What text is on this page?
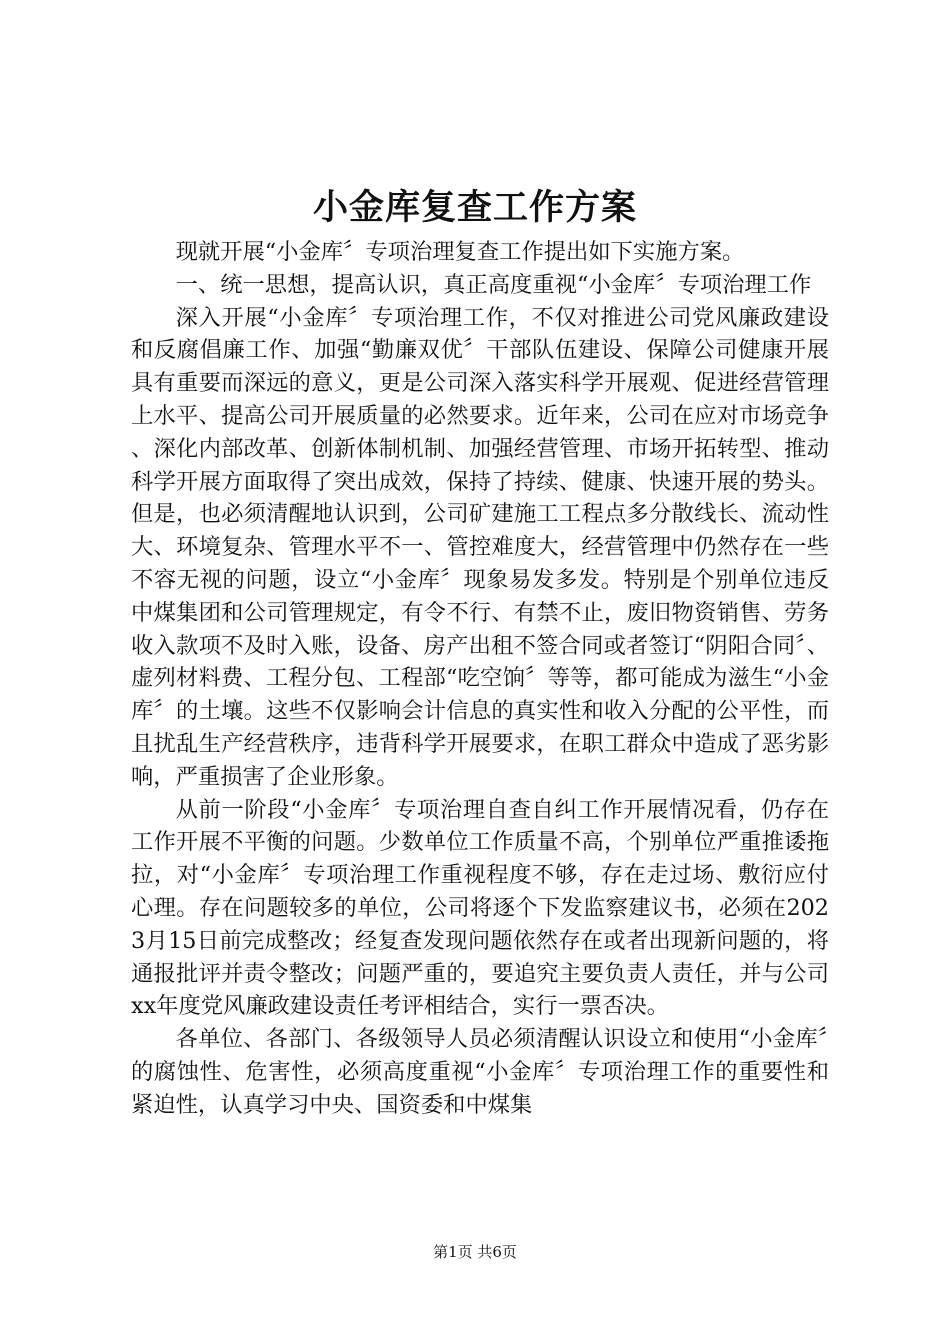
小金库复查工作方案

现就开展“小金库〞专项治理复查工作提出如下实施方案。

一、统一思想，提高认识，真正高度重视“小金库〞专项治理工作

深入开展“小金库〞专项治理工作，不仅对推进公司党风廉政建设和反腐倡廉工作、加强“勤廉双优〞干部队伍建设、保障公司健康开展具有重要而深远的意义，更是公司深入落实科学开展观、促进经营管理上水平、提高公司开展质量的必然要求。近年来，公司在应对市场竞争、深化内部改革、创新体制机制、加强经营管理、市场开拓转型、推动科学开展方面取得了突出成效，保持了持续、健康、快速开展的势头。但是，也必须清醒地认识到，公司矿建施工工程点多分散线长、流动性大、环境复杂、管理水平不一、管控难度大，经营管理中仍然存在一些不容无视的问题，设立“小金库〞现象易发多发。特别是个别单位违反中煤集团和公司管理规定，有令不行、有禁不止，废旧物资销售、劳务收入款项不及时入账，设备、房产出租不签合同或者签订“阴阳合同〞、虚列材料费、工程分包、工程部“吃空饷〞等等，都可能成为滋生“小金库〞的土壤。这些不仅影响会计信息的真实性和收入分配的公平性，而且扰乱生产经营秩序，违背科学开展要求，在职工群众中造成了恶劣影响，严重损害了企业形象。

从前一阶段“小金库〞专项治理自查自纠工作开展情况看，仍存在工作开展不平衡的问题。少数单位工作质量不高，个别单位严重推诿拖拉，对“小金库〞专项治理工作重视程度不够，存在走过场、敷衍应付心理。存在问题较多的单位，公司将逐个下发监察建议书，必须在2023月15日前完成整改；经复查发现问题依然存在或者出现新问题的，将通报批评并责令整改；问题严重的，要追究主要负责人责任，并与公司xx年度党风廉政建设责任考评相结合，实行一票否决。

各单位、各部门、各级领导人员必须清醒认识设立和使用“小金库〞的腐蚀性、危害性，必须高度重视“小金库〞专项治理工作的重要性和紧迫性，认真学习中央、国资委和中煤集

第1页 共6页
